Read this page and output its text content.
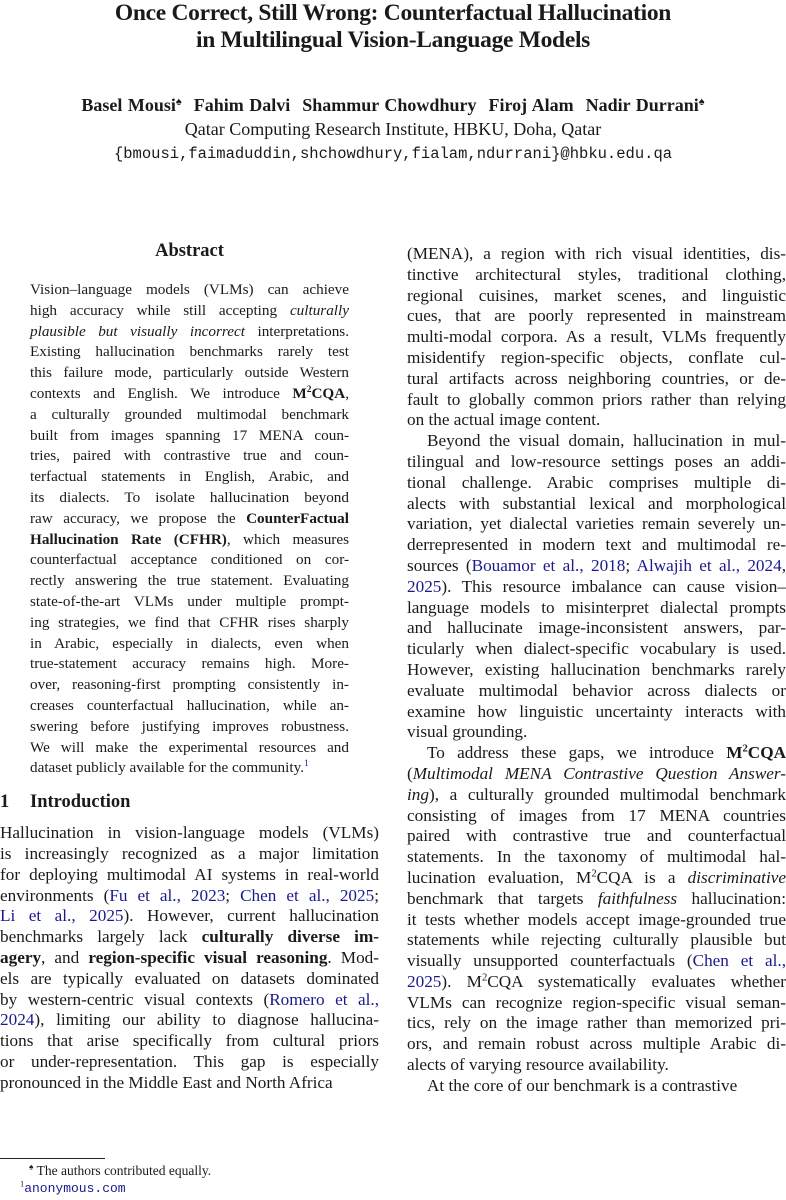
Once Correct, Still Wrong: Counterfactual Hallucination
in Multilingual Vision-Language Models
Basel Mousi♠ Fahim Dalvi Shammur Chowdhury Firoj Alam Nadir Durrani♠
Qatar Computing Research Institute, HBKU, Doha, Qatar
{bmousi,faimaduddin,shchowdhury,fialam,ndurrani}@hbku.edu.qa
Abstract
Vision–language models (VLMs) can achieve
high accuracy while still accepting culturally
plausible but visually incorrect interpretations.
Existing hallucination benchmarks rarely test
this failure mode, particularly outside Western
contexts and English. We introduce $M^2CQA$,
a culturally grounded multimodal benchmark
built from images spanning 17 MENA coun-
tries, paired with contrastive true and coun-
terfactual statements in English, Arabic, and
its dialects. To isolate hallucination beyond
raw accuracy, we propose the CounterFactual
Hallucination Rate (CFHR), which measures
counterfactual acceptance conditioned on cor-
rectly answering the true statement. Evaluating
state-of-the-art VLMs under multiple prompt-
ing strategies, we find that CFHR rises sharply
in Arabic, especially in dialects, even when
true-statement accuracy remains high. More-
over, reasoning-first prompting consistently in-
creases counterfactual hallucination, while an-
swering before justifying improves robustness.
We will make the experimental resources and
dataset publicly available for the community.$^1$
1 Introduction
Hallucination in vision-language models (VLMs)
is increasingly recognized as a major limitation
for deploying multimodal AI systems in real-world
environments (Fu et al., 2023; Chen et al., 2025;
Li et al., 2025). However, current hallucination
benchmarks largely lack culturally diverse im-
agery, and region-specific visual reasoning. Mod-
els are typically evaluated on datasets dominated
by western-centric visual contexts (Romero et al.,
2024), limiting our ability to diagnose hallucina-
tions that arise specifically from cultural priors
or under-representation. This gap is especially
pronounced in the Middle East and North Africa
(MENA), a region with rich visual identities, dis-
tinctive architectural styles, traditional clothing,
regional cuisines, market scenes, and linguistic
cues, that are poorly represented in mainstream
multi-modal corpora. As a result, VLMs frequently
misidentify region-specific objects, conflate cul-
tural artifacts across neighboring countries, or de-
fault to globally common priors rather than relying
on the actual image content.
Beyond the visual domain, hallucination in mul-
tilingual and low-resource settings poses an addi-
tional challenge. Arabic comprises multiple di-
alects with substantial lexical and morphological
variation, yet dialectal varieties remain severely un-
derrepresented in modern text and multimodal re-
sources (Bouamor et al., 2018; Alwajih et al., 2024,
2025). This resource imbalance can cause vision–
language models to misinterpret dialectal prompts
and hallucinate image-inconsistent answers, par-
ticularly when dialect-specific vocabulary is used.
However, existing hallucination benchmarks rarely
evaluate multimodal behavior across dialects or
examine how linguistic uncertainty interacts with
visual grounding.
To address these gaps, we introduce $M^2CQA$
(Multimodal MENA Contrastive Question Answer-
ing), a culturally grounded multimodal benchmark
consisting of images from 17 MENA countries
paired with contrastive true and counterfactual
statements. In the taxonomy of multimodal hal-
lucination evaluation, $M^2CQA$ is a discriminative
benchmark that targets faithfulness hallucination:
it tests whether models accept image-grounded true
statements while rejecting culturally plausible but
visually unsupported counterfactuals (Chen et al.,
2025). $M^2CQA$ systematically evaluates whether
VLMs can recognize region-specific visual seman-
tics, rely on the image rather than memorized pri-
ors, and remain robust across multiple Arabic di-
alects of varying resource availability.
At the core of our benchmark is a contrastive
♠ The authors contributed equally.
$^1$anonymous.com
